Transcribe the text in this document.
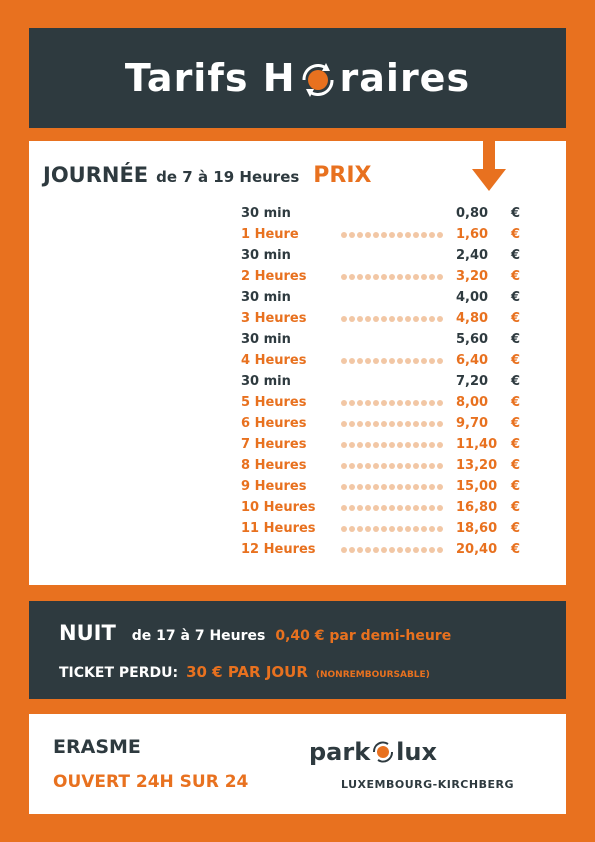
Tarifs H raires
JOURNÉE de 7 à 19 Heures PRIX
30 min	0,80	€
1 Heure	1,60	€
30 min	2,40	€
2 Heures	3,20	€
30 min	4,00	€
3 Heures	4,80	€
30 min	5,60	€
4 Heures	6,40	€
30 min	7,20	€
5 Heures	8,00	€
6 Heures	9,70	€
7 Heures	11,40	€
8 Heures	13,20	€
9 Heures	15,00	€
10 Heures	16,80	€
11 Heures	18,60	€
12 Heures	20,40	€
NUIT de 17 à 7 Heures 0,40 € par demi-heure
TICKET PERDU: 30 € PAR JOUR (NONREMBOURSABLE)
ERASME
OUVERT 24H SUR 24
park lux
LUXEMBOURG-KIRCHBERG
